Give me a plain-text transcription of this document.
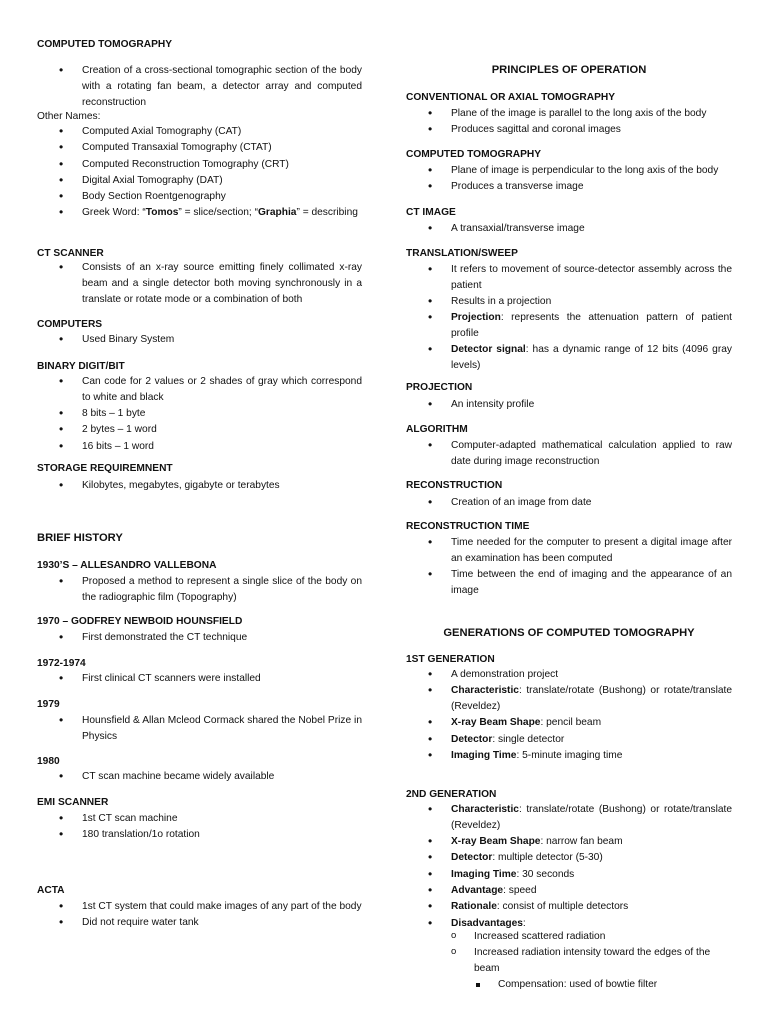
COMPUTED TOMOGRAPHY
• Creation of a cross-sectional tomographic section of the body with a rotating fan beam, a detector array and computed reconstruction
Other Names:
• Computed Axial Tomography (CAT)
• Computed Transaxial Tomography (CTAT)
• Computed Reconstruction Tomography (CRT)
• Digital Axial Tomography (DAT)
• Body Section Roentgenography
• Greek Word: “Tomos” = slice/section; “Graphia” = describing
CT SCANNER
• Consists of an x-ray source emitting finely collimated x-ray beam and a single detector both moving synchronously in a translate or rotate mode or a combination of both
COMPUTERS
• Used Binary System
BINARY DIGIT/BIT
• Can code for 2 values or 2 shades of gray which correspond to white and black
• 8 bits – 1 byte
• 2 bytes – 1 word
• 16 bits – 1 word
STORAGE REQUIREMNENT
• Kilobytes, megabytes, gigabyte or terabytes
BRIEF HISTORY
1930’S – ALLESANDRO VALLEBONA
• Proposed a method to represent a single slice of the body on the radiographic film (Topography)
1970 – GODFREY NEWBOID HOUNSFIELD
• First demonstrated the CT technique
1972-1974
• First clinical CT scanners were installed
1979
• Hounsfield & Allan Mcleod Cormack shared the Nobel Prize in Physics
1980
• CT scan machine became widely available
EMI SCANNER
• 1st CT scan machine
• 180 translation/1o rotation
ACTA
• 1st CT system that could make images of any part of the body
• Did not require water tank
PRINCIPLES OF OPERATION
CONVENTIONAL OR AXIAL TOMOGRAPHY
• Plane of the image is parallel to the long axis of the body
• Produces sagittal and coronal images
COMPUTED TOMOGRAPHY
• Plane of image is perpendicular to the long axis of the body
• Produces a transverse image
CT IMAGE
• A transaxial/transverse image
TRANSLATION/SWEEP
• It refers to movement of source-detector assembly across the patient
• Results in a projection
• Projection: represents the attenuation pattern of patient profile
• Detector signal: has a dynamic range of 12 bits (4096 gray levels)
PROJECTION
• An intensity profile
ALGORITHM
• Computer-adapted mathematical calculation applied to raw date during image reconstruction
RECONSTRUCTION
• Creation of an image from date
RECONSTRUCTION TIME
• Time needed for the computer to present a digital image after an examination has been computed
• Time between the end of imaging and the appearance of an image
GENERATIONS OF COMPUTED TOMOGRAPHY
1ST GENERATION
• A demonstration project
• Characteristic: translate/rotate (Bushong) or rotate/translate (Reveldez)
• X-ray Beam Shape: pencil beam
• Detector: single detector
• Imaging Time: 5-minute imaging time
2ND GENERATION
• Characteristic: translate/rotate (Bushong) or rotate/translate (Reveldez)
• X-ray Beam Shape: narrow fan beam
• Detector: multiple detector (5-30)
• Imaging Time: 30 seconds
• Advantage: speed
• Rationale: consist of multiple detectors
• Disadvantages:
o Increased scattered radiation
o Increased radiation intensity toward the edges of the beam
Compensation: used of bowtie filter
